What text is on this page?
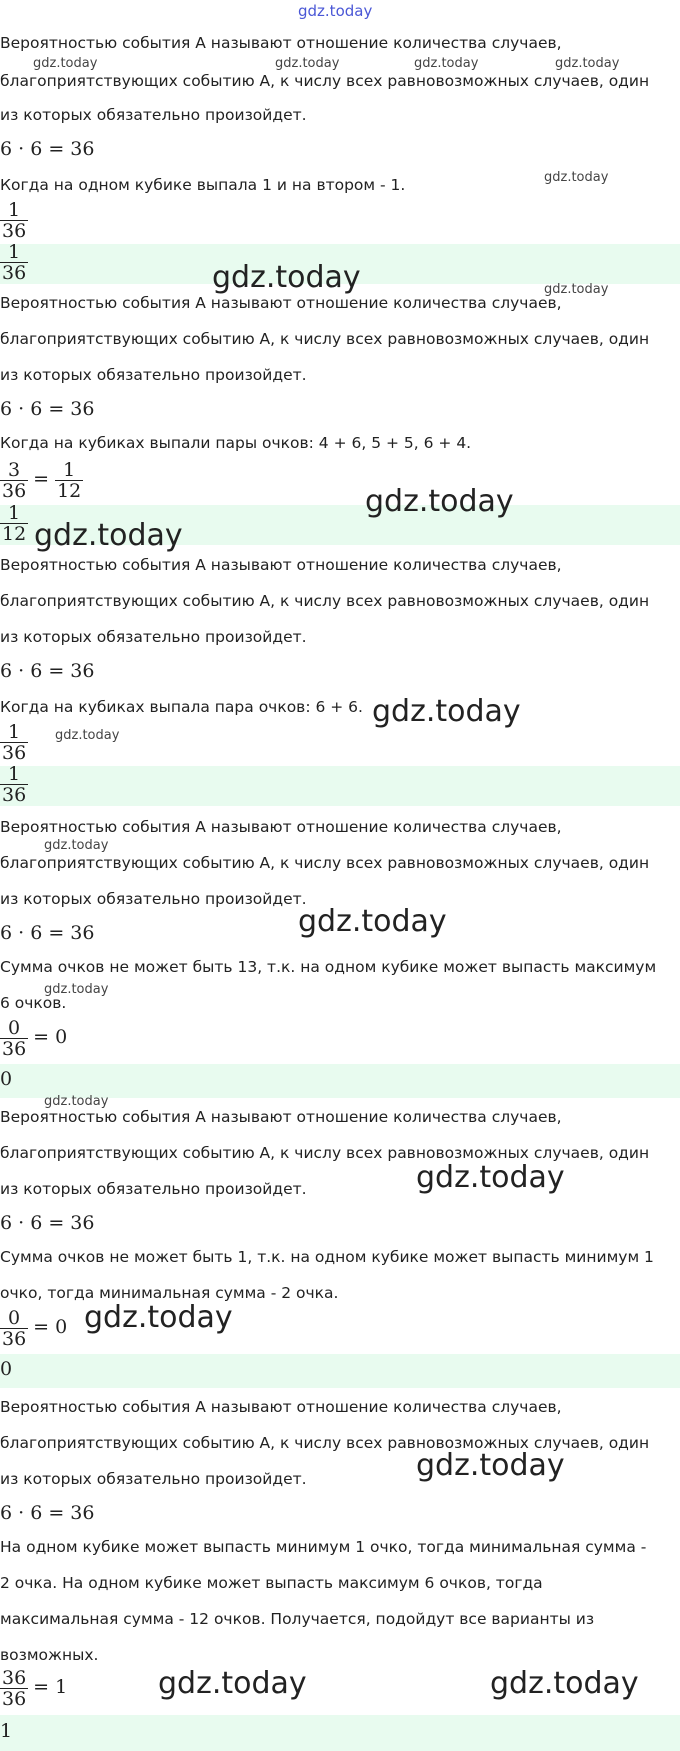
gdz.today
Вероятностью события А называют отношение количества случаев,
gdz.today	gdz.today	gdz.today	gdz.today
благоприятствующих событию А, к числу всех равновозможных случаев, один
из которых обязательно произойдет.
6 · 6 = 36
Когда на одном кубике выпала 1 и на втором - 1.	gdz.today
$\frac{1}{36}$
$\frac{1}{36}$	gdz.today	gdz.today
Вероятностью события А называют отношение количества случаев,
благоприятствующих событию А, к числу всех равновозможных случаев, один
из которых обязательно произойдет.
6 · 6 = 36
Когда на кубиках выпали пары очков: 4 + 6, 5 + 5, 6 + 4.
$\frac{3}{36} = \frac{1}{12}$
gdz.today
$\frac{1}{12}$ gdz.today
Вероятностью события А называют отношение количества случаев,
благоприятствующих событию А, к числу всех равновозможных случаев, один
из которых обязательно произойдет.
6 · 6 = 36
Когда на кубиках выпала пара очков: 6 + 6. gdz.today
$\frac{1}{36}$ gdz.today
$\frac{1}{36}$
Вероятностью события А называют отношение количества случаев,
gdz.today
благоприятствующих событию А, к числу всех равновозможных случаев, один
из которых обязательно произойдет.
gdz.today
6 · 6 = 36
Сумма очков не может быть 13, т.к. на одном кубике может выпасть максимум
gdz.today
6 очков.
$\frac{0}{36} = 0$
0
gdz.today
Вероятностью события А называют отношение количества случаев,
благоприятствующих событию А, к числу всех равновозможных случаев, один
gdz.today
из которых обязательно произойдет.
6 · 6 = 36
Сумма очков не может быть 1, т.к. на одном кубике может выпасть минимум 1
очко, тогда минимальная сумма - 2 очка.
$\frac{0}{36} = 0$ gdz.today
0
Вероятностью события А называют отношение количества случаев,
благоприятствующих событию А, к числу всех равновозможных случаев, один
gdz.today
из которых обязательно произойдет.
6 · 6 = 36
На одном кубике может выпасть минимум 1 очко, тогда минимальная сумма -
2 очка. На одном кубике может выпасть максимум 6 очков, тогда
максимальная сумма - 12 очков. Получается, подойдут все варианты из
возможных.
$\frac{36}{36} = 1$	gdz.today	gdz.today
1
